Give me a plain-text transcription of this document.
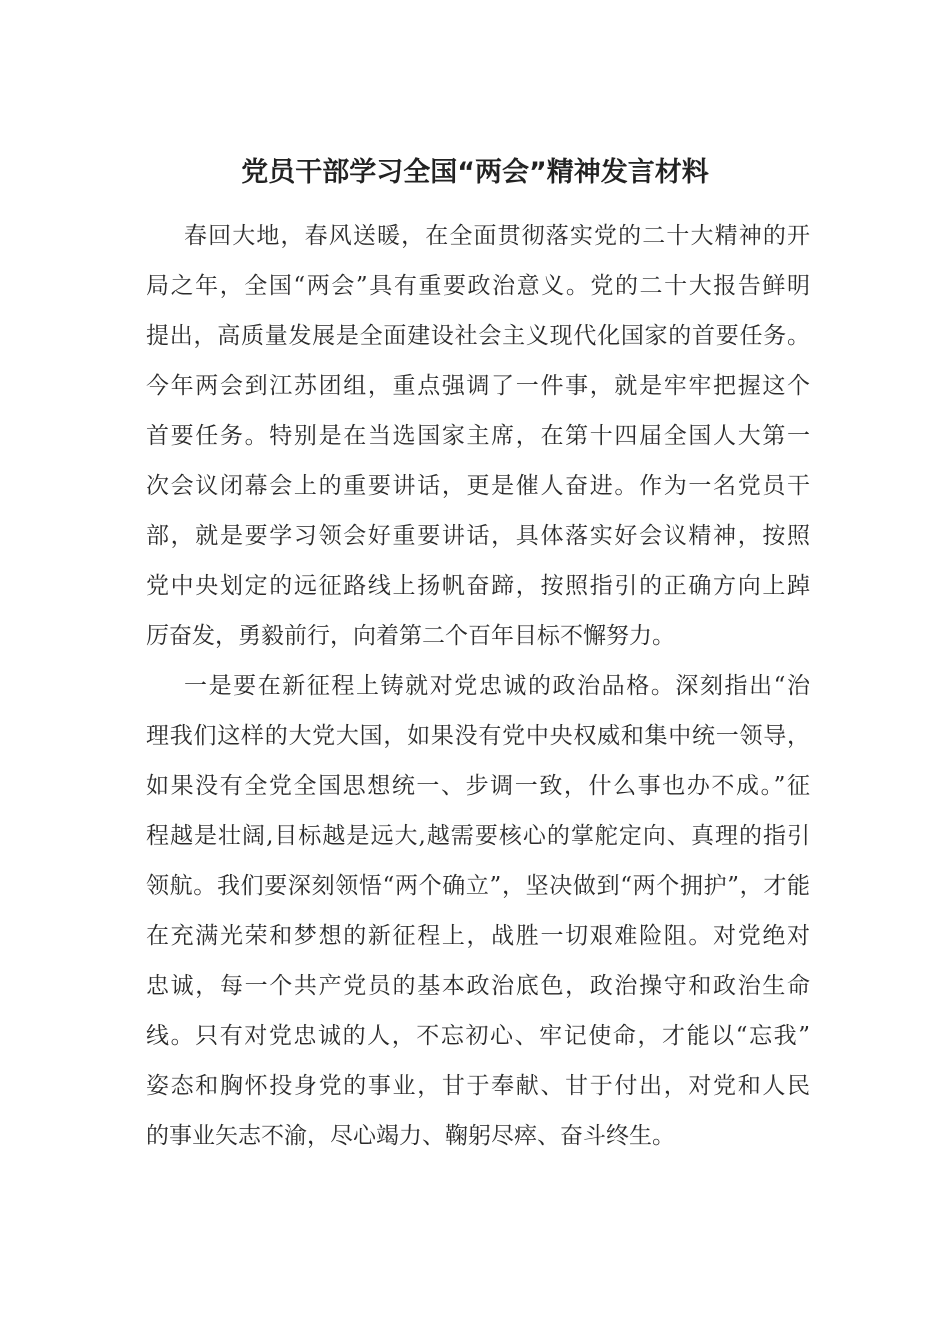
党员干部学习全国“两会”精神发言材料
春回大地，春风送暖，在全面贯彻落实党的二十大精神的开
局之年，全国“两会”具有重要政治意义。党的二十大报告鲜明
提出，高质量发展是全面建设社会主义现代化国家的首要任务。
今年两会到江苏团组，重点强调了一件事，就是牢牢把握这个
首要任务。特别是在当选国家主席，在第十四届全国人大第一
次会议闭幕会上的重要讲话，更是催人奋进。作为一名党员干
部，就是要学习领会好重要讲话，具体落实好会议精神，按照
党中央划定的远征路线上扬帆奋蹄，按照指引的正确方向上踔
厉奋发，勇毅前行，向着第二个百年目标不懈努力。
一是要在新征程上铸就对党忠诚的政治品格。深刻指出“治
理我们这样的大党大国，如果没有党中央权威和集中统一领导，
如果没有全党全国思想统一、步调一致，什么事也办不成。”征
程越是壮阔,目标越是远大,越需要核心的掌舵定向、真理的指引
领航。我们要深刻领悟“两个确立”，坚决做到“两个拥护”，才能
在充满光荣和梦想的新征程上，战胜一切艰难险阻。对党绝对
忠诚，每一个共产党员的基本政治底色，政治操守和政治生命
线。只有对党忠诚的人，不忘初心、牢记使命，才能以“忘我”
姿态和胸怀投身党的事业，甘于奉献、甘于付出，对党和人民
的事业矢志不渝，尽心竭力、鞠躬尽瘁、奋斗终生。
